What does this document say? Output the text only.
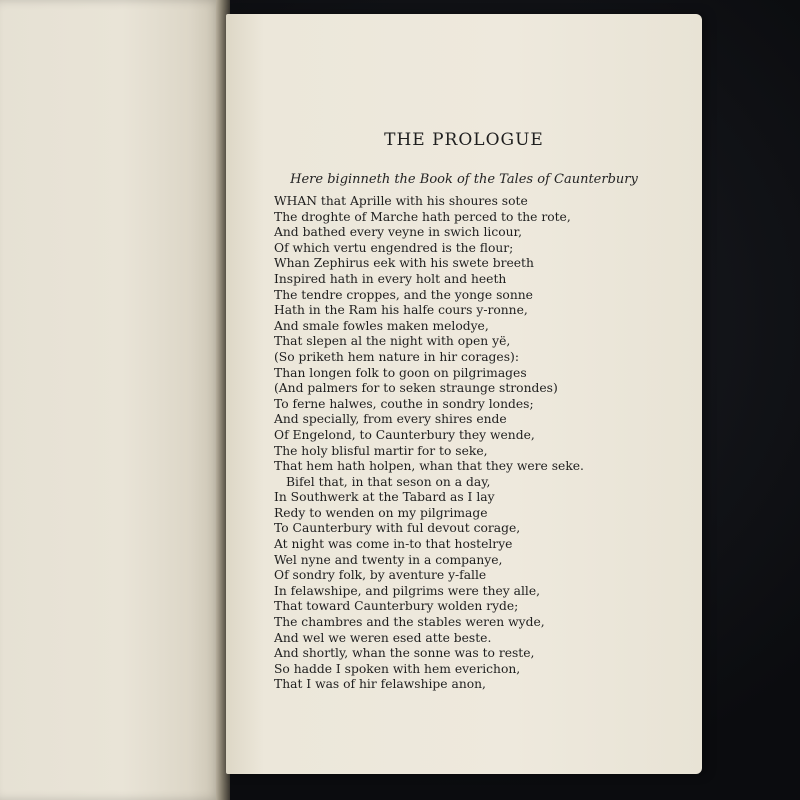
THE PROLOGUE
Here biginneth the Book of the Tales of Caunterbury
WHAN that Aprille with his shoures sote
The droghte of Marche hath perced to the rote,
And bathed every veyne in swich licour,
Of which vertu engendred is the flour;
Whan Zephirus eek with his swete breeth
Inspired hath in every holt and heeth
The tendre croppes, and the yonge sonne
Hath in the Ram his halfe cours y-ronne,
And smale fowles maken melodye,
That slepen al the night with open yë,
(So priketh hem nature in hir corages):
Than longen folk to goon on pilgrimages
(And palmers for to seken straunge strondes)
To ferne halwes, couthe in sondry londes;
And specially, from every shires ende
Of Engelond, to Caunterbury they wende,
The holy blisful martir for to seke,
That hem hath holpen, whan that they were seke.
Bifel that, in that seson on a day,
In Southwerk at the Tabard as I lay
Redy to wenden on my pilgrimage
To Caunterbury with ful devout corage,
At night was come in-to that hostelrye
Wel nyne and twenty in a companye,
Of sondry folk, by aventure y-falle
In felawshipe, and pilgrims were they alle,
That toward Caunterbury wolden ryde;
The chambres and the stables weren wyde,
And wel we weren esed atte beste.
And shortly, whan the sonne was to reste,
So hadde I spoken with hem everichon,
That I was of hir felawshipe anon,
